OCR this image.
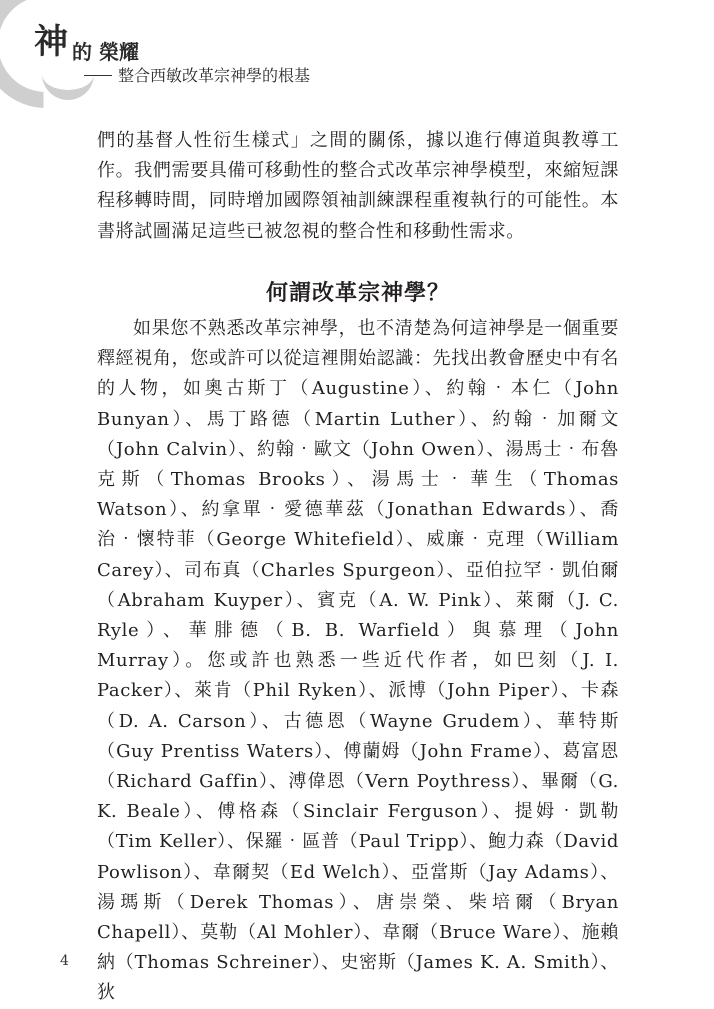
神 的 榮耀
整合西敏改革宗神學的根基

們的基督人性衍生樣式」之間的關係，據以進行傳道與教導工作。我們需要具備可移動性的整合式改革宗神學模型，來縮短課程移轉時間，同時增加國際領袖訓練課程重複執行的可能性。本書將試圖滿足這些已被忽視的整合性和移動性需求。

何謂改革宗神學？

如果您不熟悉改革宗神學，也不清楚為何這神學是一個重要釋經視角，您或許可以從這裡開始認識：先找出教會歷史中有名的人物，如奧古斯丁（Augustine）、約翰‧本仁（John Bunyan）、馬丁路德（Martin Luther）、約翰‧加爾文（John Calvin）、約翰‧歐文（John Owen）、湯馬士‧布魯克斯（Thomas Brooks）、湯馬士‧華生（Thomas Watson）、約拿單‧愛德華茲（Jonathan Edwards）、喬治‧懷特菲（George Whitefield）、威廉‧克理（William Carey）、司布真（Charles Spurgeon）、亞伯拉罕‧凱伯爾（Abraham Kuyper）、賓克（A. W. Pink）、萊爾（J. C. Ryle）、華腓德（B. B. Warfield）與慕理（John Murray）。您或許也熟悉一些近代作者，如巴刻（J. I. Packer）、萊肯（Phil Ryken）、派博（John Piper）、卡森（D. A. Carson）、古德恩（Wayne Grudem）、華特斯（Guy Prentiss Waters）、傅蘭姆（John Frame）、葛富恩（Richard Gaffin）、溥偉恩（Vern Poythress）、畢爾（G. K. Beale）、傅格森（Sinclair Ferguson）、提姆‧凱勒（Tim Keller）、保羅‧區普（Paul Tripp）、鮑力森（David Powlison）、韋爾契（Ed Welch）、亞當斯（Jay Adams）、湯瑪斯（Derek Thomas）、唐崇榮、柴培爾（Bryan Chapell）、莫勒（Al Mohler）、韋爾（Bruce Ware）、施賴納（Thomas Schreiner）、史密斯（James K. A. Smith）、狄

4
